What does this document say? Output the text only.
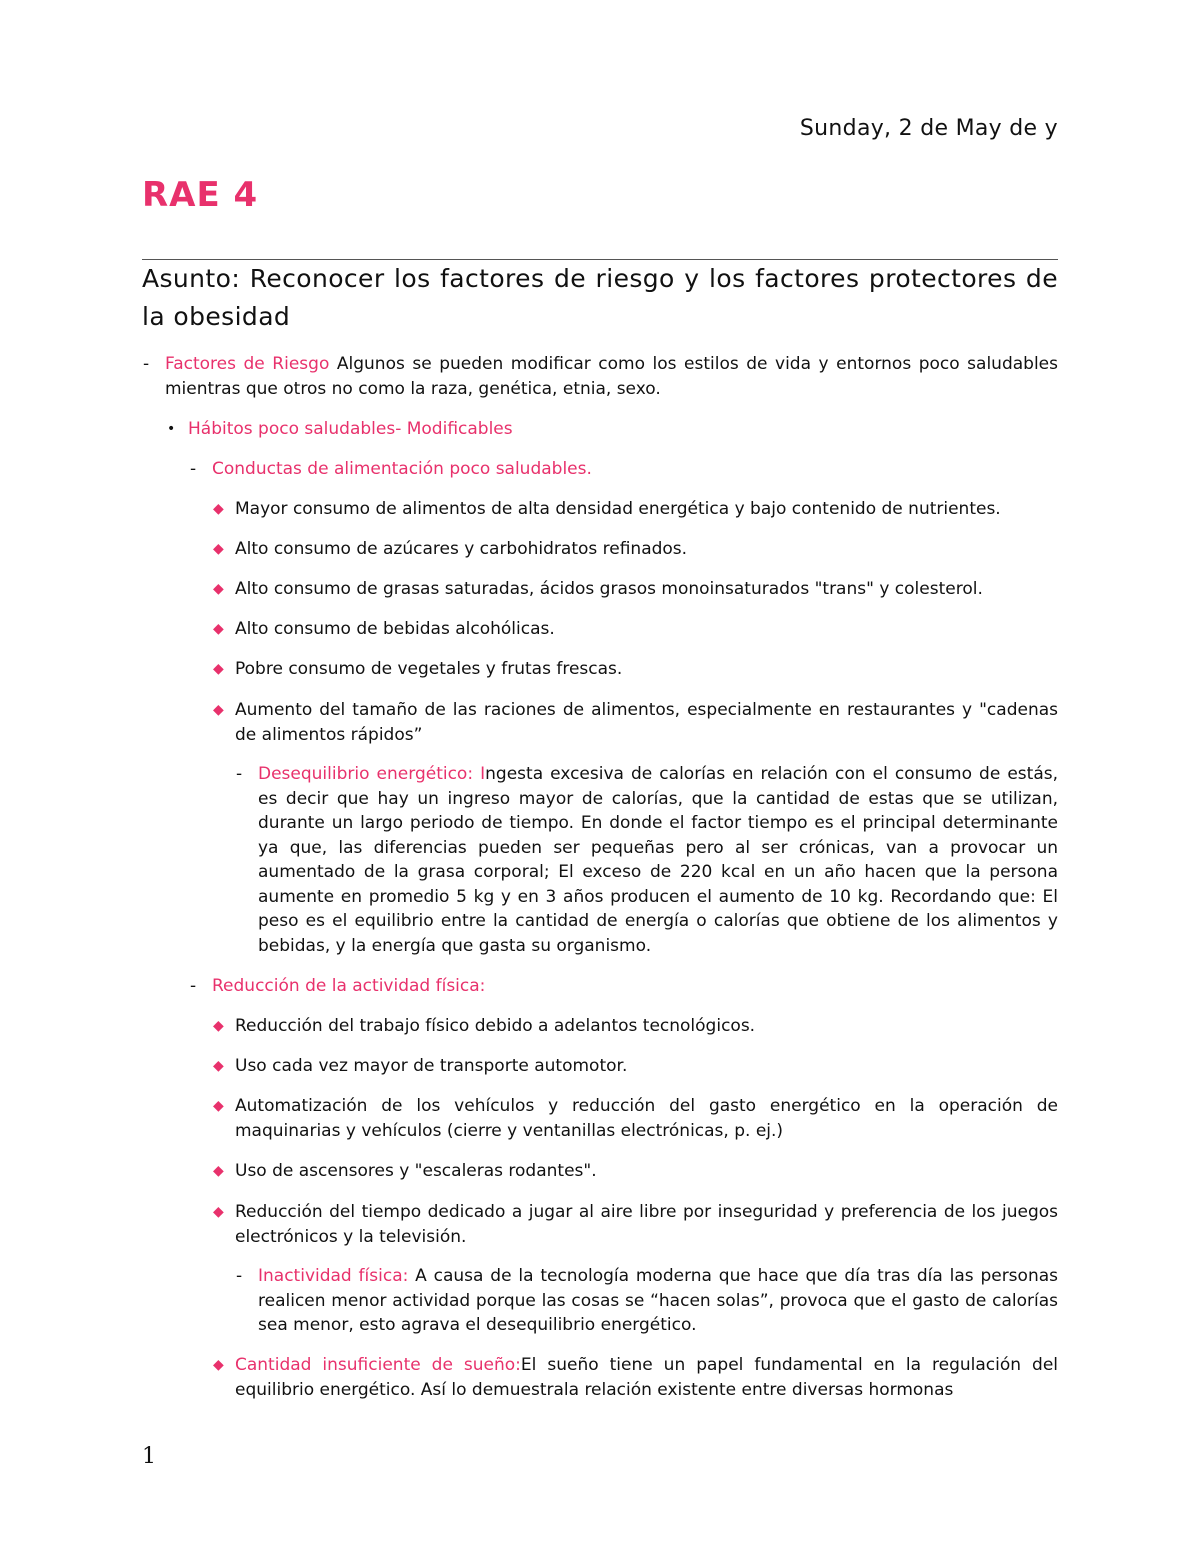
Sunday, 2 de May de y
RAE 4
Asunto: Reconocer los factores de riesgo y los factores protectores de la obesidad
- Factores de Riesgo Algunos se pueden modificar como los estilos de vida y entornos poco saludables mientras que otros no como la raza, genética, etnia, sexo.
• Hábitos poco saludables- Modificables
- Conductas de alimentación poco saludables.
◆ Mayor consumo de alimentos de alta densidad energética y bajo contenido de nutrientes.
◆ Alto consumo de azúcares y carbohidratos refinados.
◆ Alto consumo de grasas saturadas, ácidos grasos monoinsaturados "trans" y colesterol.
◆ Alto consumo de bebidas alcohólicas.
◆ Pobre consumo de vegetales y frutas frescas.
◆ Aumento del tamaño de las raciones de alimentos, especialmente en restaurantes y "cadenas de alimentos rápidos”
- Desequilibrio energético: Ingesta excesiva de calorías en relación con el consumo de estás, es decir que hay un ingreso mayor de calorías, que la cantidad de estas que se utilizan, durante un largo periodo de tiempo. En donde el factor tiempo es el principal determinante ya que, las diferencias pueden ser pequeñas pero al ser crónicas, van a provocar un aumentado de la grasa corporal; El exceso de 220 kcal en un año hacen que la persona aumente en promedio 5 kg y en 3 años producen el aumento de 10 kg. Recordando que: El peso es el equilibrio entre la cantidad de energía o calorías que obtiene de los alimentos y bebidas, y la energía que gasta su organismo.
- Reducción de la actividad física:
◆ Reducción del trabajo físico debido a adelantos tecnológicos.
◆ Uso cada vez mayor de transporte automotor.
◆ Automatización de los vehículos y reducción del gasto energético en la operación de maquinarias y vehículos (cierre y ventanillas electrónicas, p. ej.)
◆ Uso de ascensores y "escaleras rodantes".
◆ Reducción del tiempo dedicado a jugar al aire libre por inseguridad y preferencia de los juegos electrónicos y la televisión.
- Inactividad física: A causa de la tecnología moderna que hace que día tras día las personas realicen menor actividad porque las cosas se “hacen solas”, provoca que el gasto de calorías sea menor, esto agrava el desequilibrio energético.
◆ Cantidad insuficiente de sueño:El sueño tiene un papel fundamental en la regulación del equilibrio energético. Así lo demuestrala relación existente entre diversas hormonas
1
